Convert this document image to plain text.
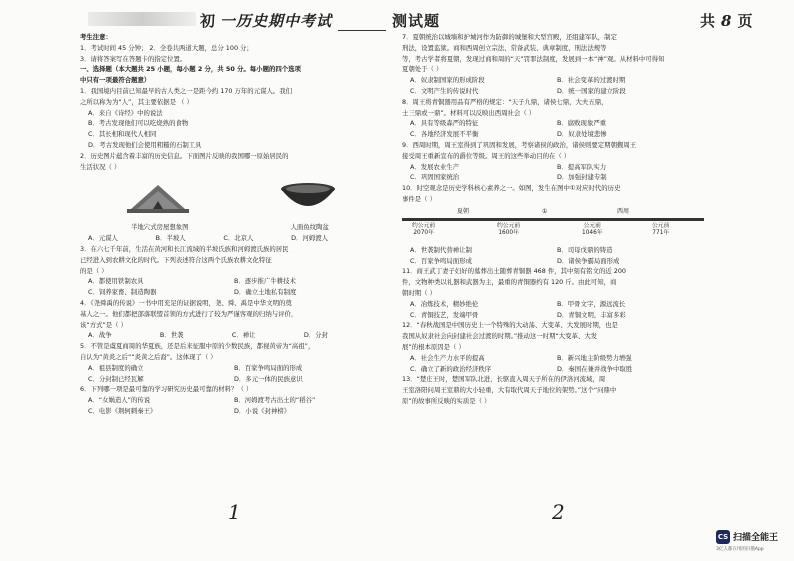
初 一历史期中考试	测试题	共 8 页
考生注意：
1．考试时间 45 分钟； 2．全卷共两道大题，总分 100 分；
3．请将答案写在答题卡的指定位置。
一、选择题（本大题共 25 小题，每小题 2 分，共 50 分。每小题的四个选项
中只有一项最符合题意）
1．我国境内目前已知最早的古人类之一是距今约 170 万年的元谋人。我们
之所以称为为“人”，其主要依据是 （ ）
A．来自《诗经》中的说法
B．考古发现他们可以吃烧熟的食物
C．其长相和现代人相同
D．考古发现他们会使用粗糙的石制工具
2．历史图片蕴含着丰富的历史信息。下面图片反映的我国哪一原始居民的
生活状况（ ）
半地穴式房屋想象图	人面鱼纹陶盆
A．元谋人	B．半坡人	C．北京人	D．河姆渡人
3．在六七千年前，生活在黄河和长江流域的半坡氏族和河姆渡氏族的居民
已经进入到农耕文化的时代。下列表述符合这两个氏族农耕文化特征
的是（ ）
A．都使用铁制农具	B．逐步推广牛耕技术
C．饲养家畜、制造陶器	D．确立土地私有制度
4．《尧舜禹的传说》一书中用充足的证据说明，尧、舜、禹是中华文明的奠
基人之一。他们都把部落联盟首领的方式进行了较为严谨客观的归纳与评价，
该“方式”是（ ）
A．战争	B．世袭	C．禅让	D．分封
5．不管是虞夏商周的华夏族，还是后来征服中原的少数民族，都视黄帝为“高祖”，
自认为“黄炎之后”“炎黄之后裔”。这体现了（ ）
A．祖县制度的确立	B．百家争鸣局面的形成
C．分封制已经瓦解	D．多元一体的民族意识
6．下列哪一项是最可靠的学习研究历史最可靠的材料？（ ）
A．“女娲造人”的传说	B．河姆渡考古出土的“稻谷”
C．电影《荆轲刺秦王》	D．小说《封神榜》
7．夏朝统治以城墙和护城河作为防御的城堡和大型宫殿，还组建军队，制定
刑法，设置监狱。商和西周创立宗法、常备武装、典章制度、刑法法规等
等，考古学者将夏朝，发现过商和周的“天”罚罪法制度，发展到一本“神”观。从材料中可得知
夏朝处于（ ）
A．奴隶制国家的形成阶段	B．社会变革的过渡时期
C．文明产生的传说时代	D．统一国家的建立阶段
8．周王将青铜器用品有严格的规定：“天子九鼎，诸侯七鼎，大夫五鼎，
士三鼎或一鼎”。材料可以反映出西周社会（ ）
A．具有等级森严的特征	B．腐败现象严重
C．各地经济发展不平衡	D．奴隶处境悲惨
9．西周时期，周王室得到了巩固和发展，考察诸侯的政治，诸侯则要定期朝觐周王
接受周王重新宣布的爵位等级。周王的这些举动目的在（ ）
A．发展农业生产	B．提高军队实力
C．巩固国家统治	D．加强封建专制
10．时空观念是历史学科核心素养之一。如图，发生在图中①对应时代的历史
事件是（ ）
夏朝	①	西周
约公元前
2070年
约公元前
1600年
公元前
1046年
公元前
771年
A．世袭制代替禅让制	B．司母戊鼎的铸造
C．百家争鸣局面形成	D．诸侯争霸局面形成
11．商王武丁妻子妇好的墓葬出土随葬青铜器 468 件，其中刻有铭文的近 200
件，文物种类以礼器和武器为主，最重的青铜器约有 120 斤。由此可知，商
朝时期（ ）
A．冶炼技术，精妙绝伦	B．甲骨文字，源远流长
C．青铜技艺，发端甲骨	D．青铜文明，丰富多彩
12．“春秋战国是中国历史上一个特殊的大动荡、大变革、大发展时期，也是
我国从奴隶社会向封建社会过渡的时期。”推动这一时期“大变革、大发
展”的根本原因是（ ）
A．社会生产力水平的提高	B．新兴地主阶级势力增强
C．确立了新的政治经济秩序	D．秦国在兼并战争中取胜
13．“楚庄王时，楚国军队北进，长驱直入周天子所在的伊洛河流域，周
王室洛阳问周王室鼎的大小轻重，大有取代周天子地位的架势。”这个“问鼎中
原”的故事所反映的实质是（ ）
1	2
CS 扫描全能王
3亿人都在用的扫描App
